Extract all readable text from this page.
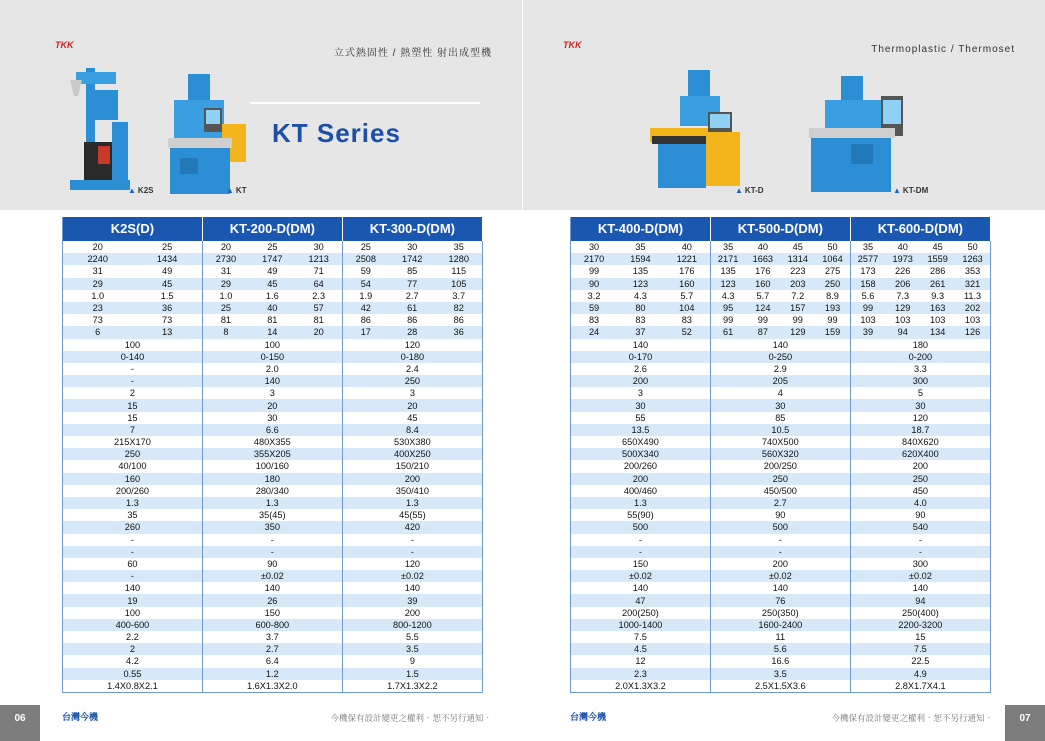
$^{TKK}$
立式熱固性 / 熱塑性 射出成型機
KT Series
▲ K2S	▲ KT
K2S(D)		KT-200-D(DM)			KT-300-D(DM)		
20	25	20	25	30	25	30	35
2240	1434	2730	1747	1213	2508	1742	1280
31	49	31	49	71	59	85	115
29	45	29	45	64	54	77	105
1.0	1.5	1.0	1.6	2.3	1.9	2.7	3.7
23	36	25	40	57	42	61	82
73	73	81	81	81	86	86	86
6	13	8	14	20	17	28	36
100		100			120		
0-140		0-150			0-180		
-		2.0			2.4		
-		140			250		
2		3			3		
15		20			20		
15		30			45		
7		6.6			8.4		
215X170		480X355			530X380		
250		355X205			400X250		
40/100		100/160			150/210		
160		180			200		
200/260		280/340			350/410		
1.3		1.3			1.3		
35		35(45)			45(55)		
260		350			420		
-		-			-		
-		-			-		
60		90			120		
-		±0.02			±0.02		
140		140			140		
19		26			39		
100		150			200		
400-600		600-800			800-1200		
2.2		3.7			5.5		
2		2.7			3.5		
4.2		6.4			9		
0.55		1.2			1.5		
1.4X0.8X2.1		1.6X1.3X2.0			1.7X1.3X2.2		
06	台灣今機	今機保有設計變更之權利‧恕不另行通知‧
$^{TKK}$	Thermoplastic / Thermoset
▲ KT-D	▲ KT-DM
KT-400-D(DM)			KT-500-D(DM)				KT-600-D(DM)			
30	35	40	35	40	45	50	35	40	45	50
2170	1594	1221	2171	1663	1314	1064	2577	1973	1559	1263
99	135	176	135	176	223	275	173	226	286	353
90	123	160	123	160	203	250	158	206	261	321
3.2	4.3	5.7	4.3	5.7	7.2	8.9	5.6	7.3	9.3	11.3
59	80	104	95	124	157	193	99	129	163	202
83	83	83	99	99	99	99	103	103	103	103
24	37	52	61	87	129	159	39	94	134	126
140			140				180			
0-170			0-250				0-200			
2.6			2.9				3.3			
200			205				300			
3			4				5			
30			30				30			
55			85				120			
13.5			10.5				18.7			
650X490			740X500				840X620			
500X340			560X320				620X400			
200/260			200/250				200			
200			250				250			
400/460			450/500				450			
1.3			2.7				4.0			
55(90)			90				90			
500			500				540			
-			-				-			
-			-				-			
150			200				300			
±0.02			±0.02				±0.02			
140			140				140			
47			76				94			
200(250)			250(350)				250(400)			
1000-1400			1600-2400				2200-3200			
7.5			11				15			
4.5			5.6				7.5			
12			16.6				22.5			
2.3			3.5				4.9			
2.0X1.3X3.2			2.5X1.5X3.6				2.8X1.7X4.1			
07
台灣今機	今機保有設計變更之權利‧恕不另行通知‧
